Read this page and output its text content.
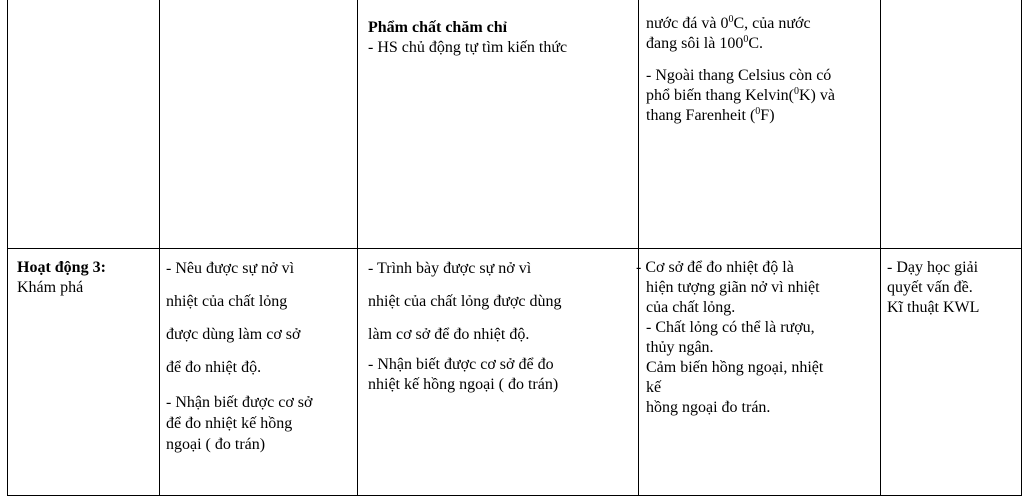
Phẩm chất chăm chỉ

- HS chủ động tự tìm kiến thức

nước đá và $0^0C$, của nước

đang sôi là $100^0C$.

- Ngoài thang Celsius còn có

phổ biến thang Kelvin($^0$K) và

thang Farenheit ($^0$F)

Hoạt động 3:

Khám phá

- Nêu được sự nở vì

nhiệt của chất lỏng

được dùng làm cơ sở

để đo nhiệt độ.

- Nhận biết được cơ sở

để đo nhiệt kế hồng

ngoại ( đo trán)

- Trình bày được sự nở vì

nhiệt của chất lỏng được dùng

làm cơ sở để đo nhiệt độ.

- Nhận biết được cơ sở để đo

nhiệt kế hồng ngoại ( đo trán)

- Cơ sở để đo nhiệt độ là

hiện tượng giãn nở vì nhiệt

của chất lỏng.

- Chất lỏng có thể là rượu,

thủy ngân.

Cảm biến hồng ngoại, nhiệt

kế

hồng ngoại đo trán.

- Dạy học giải

quyết vấn đề.

Kĩ thuật KWL
